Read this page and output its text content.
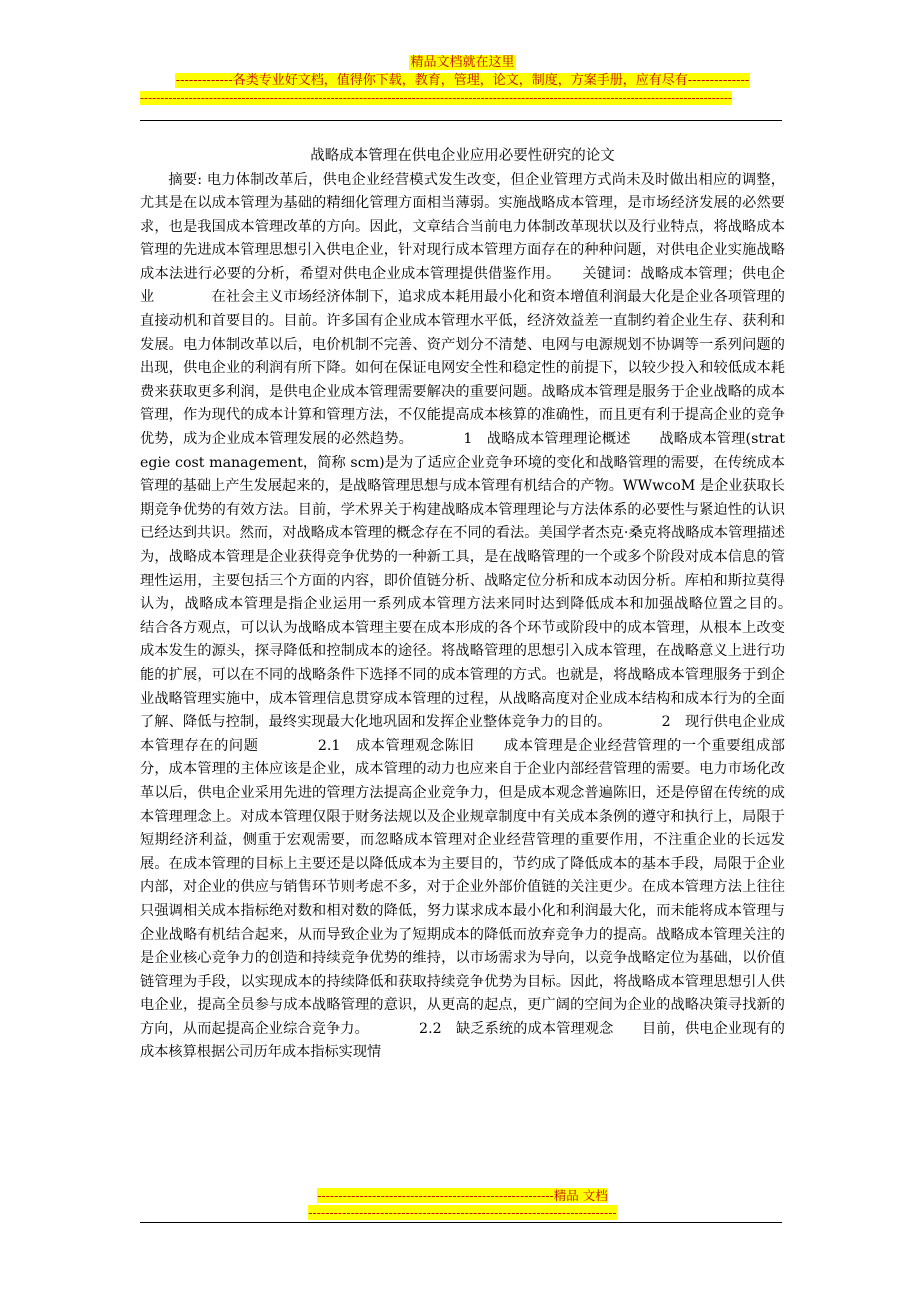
精品文档就在这里
-------------各类专业好文档，值得你下载，教育，管理，论文，制度，方案手册，应有尽有--------------
--------------------------------------------------------------------------------------------------------------------------------------------------
战略成本管理在供电企业应用必要性研究的论文

摘要: 电力体制改革后，供电企业经营模式发生改变，但企业管理方式尚未及时做出相应的调整，尤其是在以成本管理为基础的精细化管理方面相当薄弱。实施战略成本管理，是市场经济发展的必然要求，也是我国成本管理改革的方向。因此，文章结合当前电力体制改革现状以及行业特点，将战略成本管理的先进成本管理思想引入供电企业，针对现行成本管理方面存在的种种问题，对供电企业实施战略成本法进行必要的分析，希望对供电企业成本管理提供借鉴作用。　　关键词：战略成本管理；供电企业　　　　在社会主义市场经济体制下，追求成本耗用最小化和资本增值利润最大化是企业各项管理的直接动机和首要目的。目前。许多国有企业成本管理水平低，经济效益差一直制约着企业生存、获利和发展。电力体制改革以后，电价机制不完善、资产划分不清楚、电网与电源规划不协调等一系列问题的出现，供电企业的利润有所下降。如何在保证电网安全性和稳定性的前提下，以较少投入和较低成本耗费来获取更多利润，是供电企业成本管理需要解决的重要问题。战略成本管理是服务于企业战略的成本管理，作为现代的成本计算和管理方法，不仅能提高成本核算的准确性，而且更有利于提高企业的竞争优势，成为企业成本管理发展的必然趋势。　　　　1　战略成本管理理论概述　　战略成本管理(strategie cost management，简称 scm)是为了适应企业竞争环境的变化和战略管理的需要，在传统成本管理的基础上产生发展起来的，是战略管理思想与成本管理有机结合的产物。WWwcoM 是企业获取长期竞争优势的有效方法。目前，学术界关于构建战略成本管理理论与方法体系的必要性与紧迫性的认识已经达到共识。然而，对战略成本管理的概念存在不同的看法。美国学者杰克·桑克将战略成本管理描述为，战略成本管理是企业获得竞争优势的一种新工具，是在战略管理的一个或多个阶段对成本信息的管理性运用，主要包括三个方面的内容，即价值链分析、战略定位分析和成本动因分析。库柏和斯拉莫得认为，战略成本管理是指企业运用一系列成本管理方法来同时达到降低成本和加强战略位置之目的。　　结合各方观点，可以认为战略成本管理主要在成本形成的各个环节或阶段中的成本管理，从根本上改变成本发生的源头，探寻降低和控制成本的途径。将战略管理的思想引入成本管理，在战略意义上进行功能的扩展，可以在不同的战略条件下选择不同的成本管理的方式。也就是，将战略成本管理服务于到企业战略管理实施中，成本管理信息贯穿成本管理的过程，从战略高度对企业成本结构和成本行为的全面了解、降低与控制，最终实现最大化地巩固和发挥企业整体竞争力的目的。　　　　2　现行供电企业成本管理存在的问题　　　　2.1　成本管理观念陈旧　　成本管理是企业经营管理的一个重要组成部分，成本管理的主体应该是企业，成本管理的动力也应来自于企业内部经营管理的需要。电力市场化改革以后，供电企业采用先进的管理方法提高企业竞争力，但是成本观念普遍陈旧，还是停留在传统的成本管理理念上。对成本管理仅限于财务法规以及企业规章制度中有关成本条例的遵守和执行上，局限于短期经济利益，侧重于宏观需要，而忽略成本管理对企业经营管理的重要作用，不注重企业的长远发展。在成本管理的目标上主要还是以降低成本为主要目的，节约成了降低成本的基本手段，局限于企业内部，对企业的供应与销售环节则考虑不多，对于企业外部价值链的关注更少。在成本管理方法上往往只强调相关成本指标绝对数和相对数的降低，努力谋求成本最小化和利润最大化，而未能将成本管理与企业战略有机结合起来，从而导致企业为了短期成本的降低而放弃竞争力的提高。战略成本管理关注的是企业核心竞争力的创造和持续竞争优势的维持，以市场需求为导向，以竞争战略定位为基础，以价值链管理为手段，以实现成本的持续降低和获取持续竞争优势为目标。因此，将战略成本管理思想引人供电企业，提高全员参与成本战略管理的意识，从更高的起点，更广阔的空间为企业的战略决策寻找新的方向，从而起提高企业综合竞争力。　　　　2.2　缺乏系统的成本管理观念　　目前，供电企业现有的成本核算根据公司历年成本指标实现情

--------------------------------------------------------精品 文档
-------------------------------------------------------------------------
